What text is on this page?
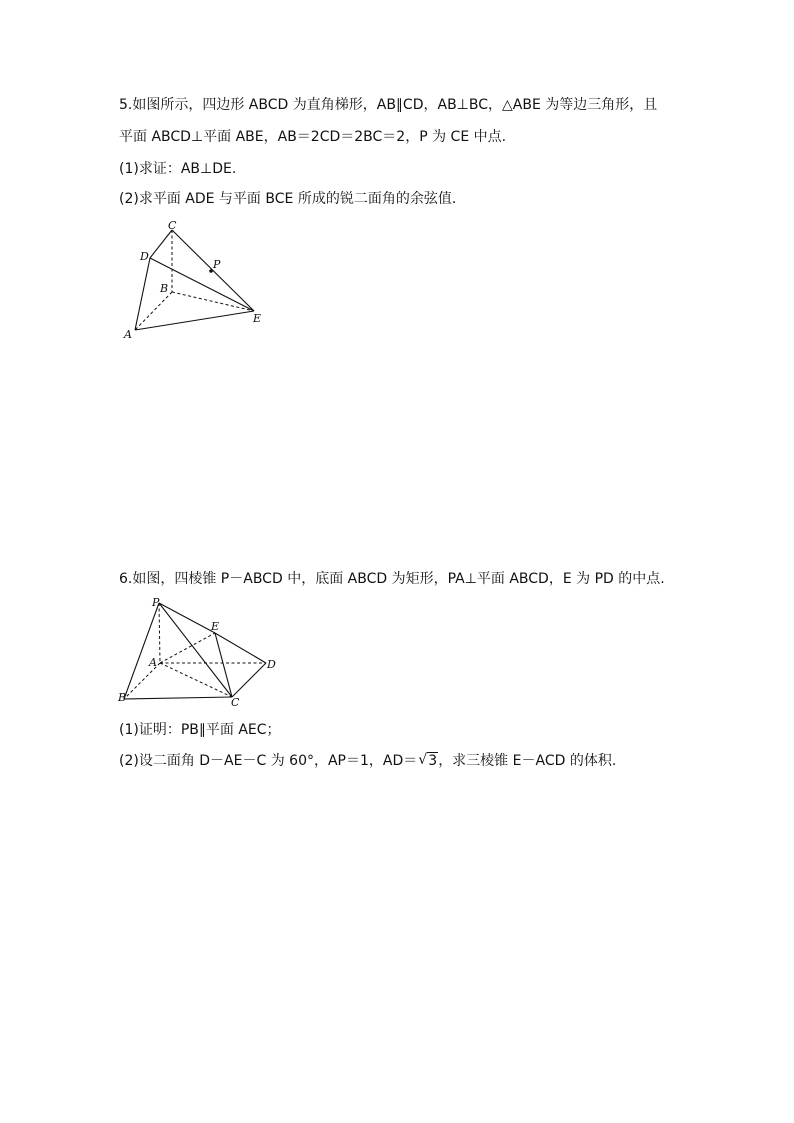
5.如图所示，四边形 ABCD 为直角梯形，AB∥CD，AB⊥BC，△ABE 为等边三角形，且
平面 ABCD⊥平面 ABE，AB＝2CD＝2BC＝2，P 为 CE 中点.
(1)求证：AB⊥DE.
(2)求平面 ADE 与平面 BCE 所成的锐二面角的余弦值.
C
D
P
B
E
A
6.如图，四棱锥 P－ABCD 中，底面 ABCD 为矩形，PA⊥平面 ABCD，E 为 PD 的中点.
P
E
A	D
B	C
(1)证明：PB∥平面 AEC；
(2)设二面角 D－AE－C 为 60°，AP＝1，AD＝ √ 3，求三棱锥 E－ACD 的体积.
